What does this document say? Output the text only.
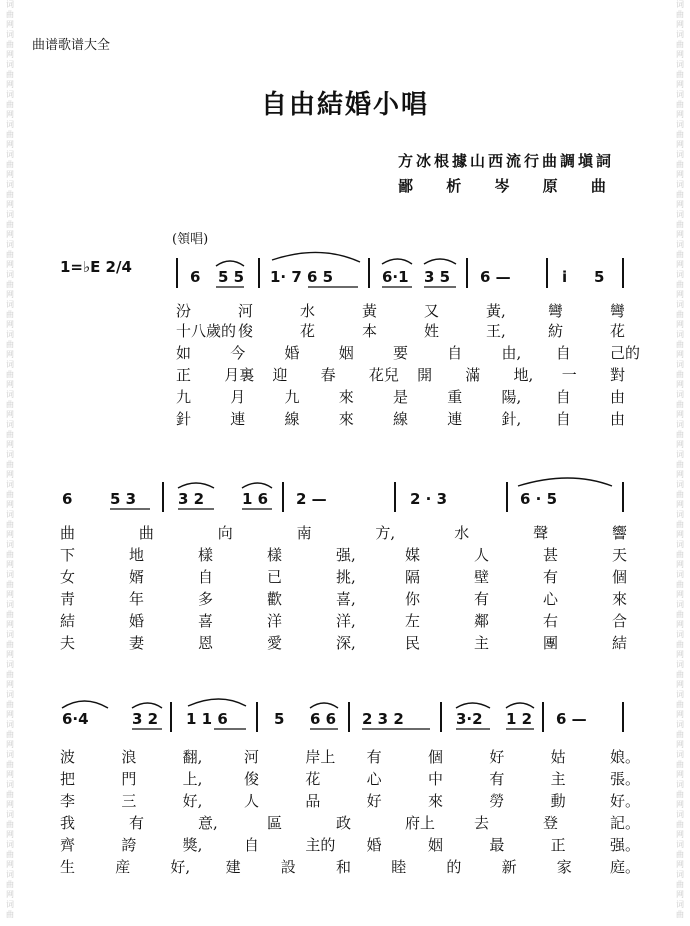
词
曲
网
词
曲
网
词
曲
网
词
曲
网
词
曲
网
词
曲
网
词
曲
网
词
曲
网
词
曲
网
词
曲
网
词
曲
网
词
曲
网
词
曲
网
词
曲
网
词
曲
网
词
曲
网
词
曲
网
词
曲
网
词
曲
网
词
曲
网
词
曲
网
词
曲
网
词
曲
网
词
曲
网
词
曲
网
词
曲
网
词
曲
网
词
曲
网
词
曲
网
词
曲
网
词
曲
词
曲
网
词
曲
网
词
曲
网
词
曲
网
词
曲
网
词
曲
网
词
曲
网
词
曲
网
词
曲
网
词
曲
网
词
曲
网
词
曲
网
词
曲
网
词
曲
网
词
曲
网
词
曲
网
词
曲
网
词
曲
网
词
曲
网
词
曲
网
词
曲
网
词
曲
网
词
曲
网
词
曲
网
词
曲
网
词
曲
网
词
曲
网
词
曲
网
词
曲
网
词
曲
网
词
曲
曲谱歌谱大全
自由結婚小唱
方冰根據山西流行曲調塡詞
鄙 析 岑 原 曲
(領唱)
1=♭E 2/4
6 5 5 1· 7 6 5	6·1 3 5 6 —	i 5
6	5 3	3 2	1 6 2 —	2 · 3	6 · 5
6·4	3 2 1 1 6	5 6 6 2 3 2	3·2 1 2 6 —
汾	河	水	黃	又	黃,	彎	彎
十八歲的 俊	花	本	姓	王,	紡	花
如	今	婚	姻	要	自	由, 自	己的
正 月裏 迎 春 花兒 開 滿 地, 一 對
九	月	九	來	是	重	陽, 自	由
針	連	線	來	線	連	針, 自	由
曲	曲	向	南	方,	水	聲	響
下	地	樣	樣	强,	媒	人	甚	天
女	婿	自	已	挑,	隔	壁	有	個
靑	年	多	歡	喜,	你	有	心	來
結	婚	喜	洋	洋,	左	鄰	右	合
夫	妻	恩	愛	深,	民	主	團	結
波	浪	翻,	河	岸上 有	個	好	姑	娘。
把	門	上,	俊	花	心	中	有	主	張。
李	三	好,	人	品	好	來	勞	動	好。
我	有	意,	區	政	府上	去	登	記。
齊	誇	獎,	自	主的 婚	姻	最	正	强。
生	産	好, 建	設	和	睦	的	新	家	庭。
